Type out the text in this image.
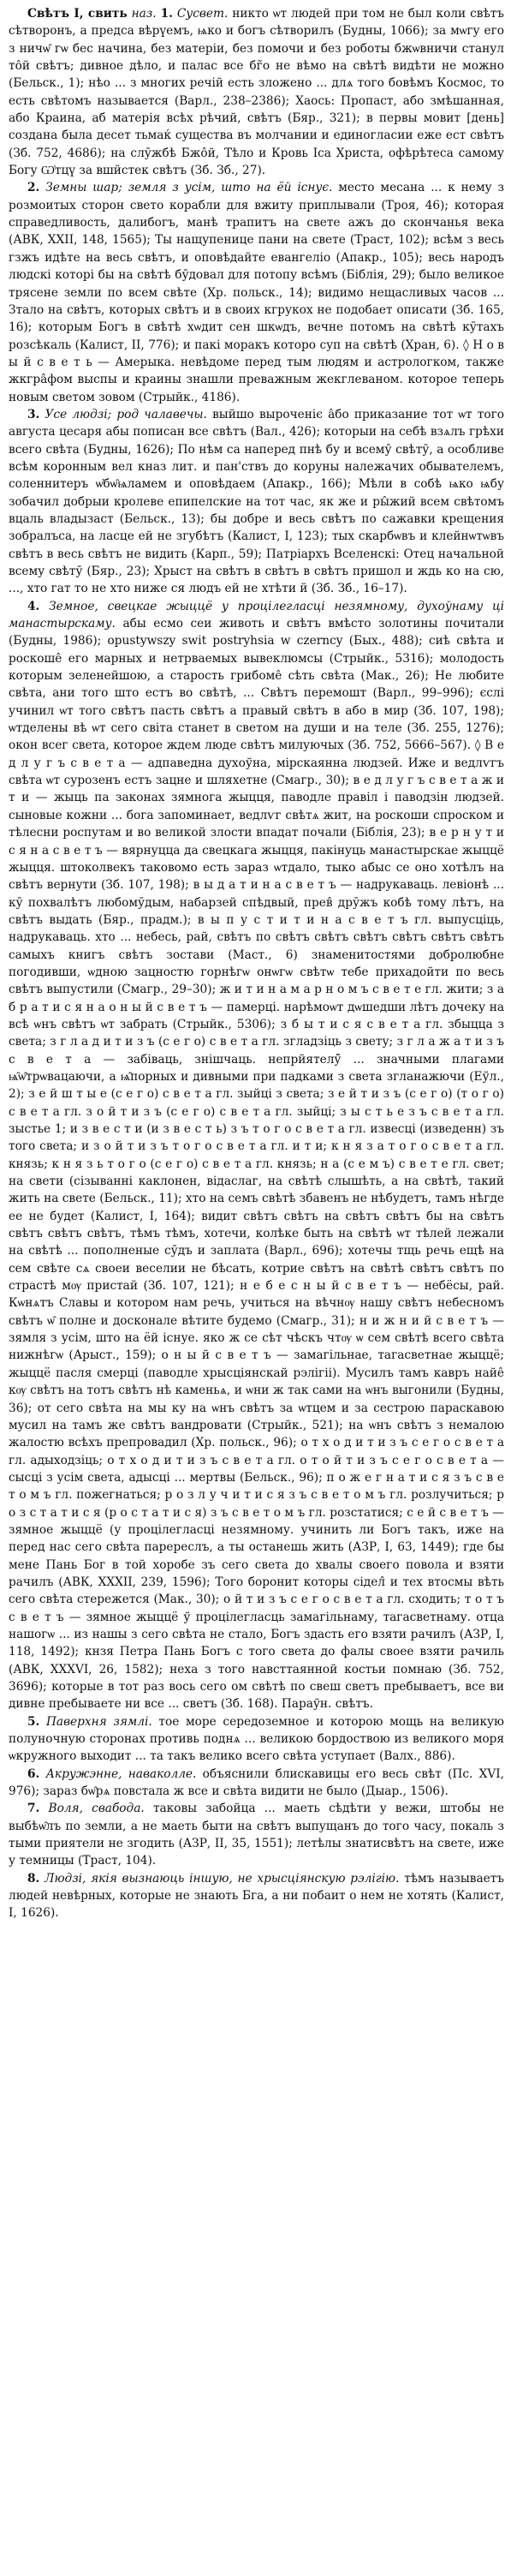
Свѣтъ I, свить наз. 1. Сусвет. никто ѡт людей при том не был коли свѣтъ сѣтворонъ, а предса вѣрүемъ, ѩко и богъ сѣтворилъ (Будны, 1066); за мѡгу его з ничѡ̂ гѡ бес начина, без матеріи, без помочи и без роботы бжѡвничи станул то̂й свѣтъ; дивное дѣло, и палас все бг̃о не вѣмо на свѣтѣ видѣти не можно (Бельск., 1); нѣо ... з многих речій есть зложено ... длѧ того бовѣмъ Космос, то есть свѣтомъ называется (Варл., 238–2386); Хаось: Пропаст, або змѣшанная, або Краина, аб матерія всѣх рѣчий, свѣтъ (Бяр., 321); в первы мовит [день] создана была десет тьмаќ существа въ молчании и единогласии еже ест свѣтъ (Зб. 752, 4686); на слӯжбѣ Бжо̂й, Тѣло и Кровь Іса Христа, офѣрѣтеса самому Богу Ѡ҆тцү за вшйстек свѣтъ (Зб. Зб., 27).

2. Земны шар; земля з усім, што на ёй існує. место месана ... к нему з розмоитых сторон свето корабли для вжиту приплывали (Троя, 46); которая справедливость, далибогъ, манѣ трапитъ на свете ажъ до скончанья века (АВК, ХХІІ, 148, 1565); Ты нащупенице пани на свете (Траст, 102); всѣм з весь гзжъ идѣте на весь свѣтъ, и оповѣдайте евангеліо (Апакр., 105); весь народъ людскі которі бы на свѣтѣ бӯдовал для потопу всѣмъ (Біблія, 29); было великое трясене земли по всем свѣте (Хр. польск., 14); видимо нещасливых часов ... Зтало на свѣтъ, которых свѣтъ и в своих кгрукох не подобает описати (Зб. 165, 16); которым Богъ в свѣтѣ хѡдит сен шкѡдъ, вечне потомъ на свѣтѣ кӯтахъ розсѣкаль (Калист, ІІ, 776); и пакі моракъ которо суп на свѣтѣ (Хран, 6). ◊ Н о в ы й с в е т ь — Амерыка. невѣдоме перед тым людям и астрологком, также жкгра̂фом выспы и краины знашли преважным жекглеваном. которое теперь новым светом зовом (Стрыйк., 4186).

3. Усе людзі; род чалавечы. выйшо выроченіє а̂бо приказание тот ѡт того августа цесаря абы пописан все свѣтъ (Вал., 426); которыи на себѣ взѧлъ грѣхи всего свѣта (Будны, 1626); По нѣм са наперед пнѣ бу и всемӯ свѣтӯ, а особливе всѣм коронным вел кназ лит. и пан'ствъ до коруны належачих обывателемъ, соленнитеръ ѡ҆бѡ̂ѩламем и оповѣдаем (Апакр., 166); Мѣли в собѣ ѩко ѩбу зобачил добрыи кролеве епипелские на тот час, як же и ры̂жий всем свѣтомъ вцаль владызаст (Бельск., 13); бы добре и весь свѣтъ по сажавки крещения зобралъса, на ласце ей не згубѣтъ (Калист, І, 123); тых скарбѡвъ и клейнѡтѡвъ свѣтъ в весь свѣтъ не видить (Карп., 59); Патріархъ Вселенскі: Отец начальной всему свѣтӯ (Бяр., 23); Хрыст на свѣтъ в свѣтъ в свѣтъ пришол и ждь ко на сю, ..., хто гат то не хто ниже ся людъ ей не хтѣти й (Зб. Зб., 16–17).

4. Земное, свецкае жыццё у процілегласці незямному, духоўнаму ці манастырскаму. абы есмо сеи животь и свѣтъ вмѣсто золотины почитали (Будны, 1986); opustywszy swit postryhsia w czernсy (Бых., 488); сиѣ свѣта и роскоше̂ его марных и нетрваемых вывеклюмсы (Стрыйк., 5316); молодость которым зеленейшою, а старость грибоме̂ сѣть свѣта (Мак., 26); Не любите свѣта, ани того што естъ во свѣтѣ, ... Свѣтъ перемошт (Варл., 99–996); єслі учинил ѡт того свѣтъ пасть свѣтъ а правый свѣтъ в або в мир (Зб. 107, 198); ѡтделены вѣ ѡт сего світа станет в светом на души и на теле (Зб. 255, 1276); окон всег света, которое ждем люде свѣтъ милуючых (Зб. 752, 5666–567). ◊ В е д л у г ъ с в е т а — адпаведна духоўна, мірскаянна людзей. Иже и ведлѵгъ свѣта ѡт сурозенъ естъ зацне и шляхетне (Смагр., 30); в е д л у г ъ с в е т а ж и т и — жыць па законах зямнога жыцця, паводле правіл і паводзін людзей. сыновые кожни ... бога запоминает, ведлѵг свѣтѧ жит, на роскоши спроском и тѣлесни роспутам и во великой злости впадат почали (Біблія, 23); в е р н у т и с я н а с в е т ъ — вярнуцца да свецкага жыцця, пакінуць манастырскае жыццё жыцця. штоколвекъ таковомо есть зараз ѡтдало, тыко абыс се оно хотѣлъ на свѣтъ вернути (Зб. 107, 198); в ы д а т и н а с в е т ъ — надрукаваць. левіонѣ ... кӯ похвалѣтъ любомӯдым, набарзей спѣдвый, прев̂ дрӯжъ кобѣ тому лѣтъ, на свѣтъ выдать (Бяр., прадм.); в ы п у с т и т и н а с в е т ъ гл. выпусцiць, надрукаваць. хто ... небесь, рай, свѣтъ по свѣтъ свѣтъ свѣтъ свѣтъ свѣтъ свѣтъ самыхъ книгъ свѣтъ зостави (Маст., 6) знаменитостями добролюбне погодивши, ѡдною зацностю горнѣгѡ онѡгѡ свѣтѡ тебе прихадойти по весь свѣтъ выпустили (Смагр., 29–30); ж и т и н а м а р н о м ъ с в е т е гл. жити; з а б р а т и с я н а о н ы й с в е т ъ — памерці. нарѣмоѡт дѡшедши лѣтъ дочеку на всѣ ѡнъ свѣтъ ѡт забрать (Стрыйк., 5306); з б ы т и с я с в е т а гл. збыцца з света; з г л а д и т и з ъ (с е г о) с в е т а гл. згладзіць з свету; з г л а ж а т и з ъ с в е т а — забіваць, знішчаць. непрйятелӯ̑ ... значными плагами ѩ̂ѡ̑трѡвацаючи, а ѩ̂порных и дивными при падками з света згланажючи (Еўл., 2); з е й ш т ы е (с е г о) с в е т а гл. зыйці з света; з е й т и з ъ (с е г о) (т о г о) с в е т а гл. з о й т и з ъ (с е г о) с в е т а гл. зыйці; з ы с т ь е з ъ с в е т а гл. зыстьe 1; и з в е с т и (и з в е с т ь) з ъ т о г о с в е т а гл. извесці (изведенн) зъ того света; и з о й т и з ъ т о г о с в е т а гл. и т и; к н я з а т о г о с в е т а гл. князь; к н я з ь т о г о (с е г о) с в е т а гл. князь; н а (с е м ъ) с в е т е гл. свет; на свети (сізыванні каклонен, відаслаг, на свѣтѣ слышѣть, а на свѣтѣ, такий жить на свете (Бельск., 11); хто на семъ свѣтѣ збавенъ не нѣбудетъ, тамъ нѣгде ее не будет (Калист, І, 164); видит свѣтъ свѣтъ на свѣтъ свѣтъ бы на свѣтъ свѣтъ свѣтъ свѣтъ, тѣмъ тѣмъ, хотечи, колѣке быть на свѣтѣ ѡт тѣлей лежали на свѣтѣ ... пополненые сӯдъ и заплата (Варл., 696); хотечы тщь речь ещѣ на сем свѣте сѧ своеи веселии не бѣсать, котрие свѣтъ на свѣтѣ свѣтъ свѣтъ по страстѣ мѹ пристай (Зб. 107, 121); н е б е с н ы й с в е т ъ — небёсы, рай. Кѡнѧтъ Славы и котором нам речь, учиться на вѣчнѹ нашу свѣтъ небесномъ свѣтъ ѡ̂ полне и досконале вѣтите будемо (Смагр., 31); н и ж н и й с в е т ъ — зямля з усім, што на ёй існуе. яко ж се сѣт чѣскъ чтѹ ѡ сем свѣтѣ всего свѣта нижнѣгѡ (Арыст., 159); о н ы й с в е т ъ — замагільнае, тагасветнае жыццё; жыццё пасля смерці (паводле хрысціянскай рэлігіі). Мусилъ тамъ кавръ найе̂ кѹ свѣтъ на тотъ свѣтъ нѣ каменьѧ, и ѡни ж так сами на ѡнъ выгонили (Будны, 36); от сего свѣта на мы ку на ѡнъ свѣтъ за ѡтцем и за сестрою параскавою мусил на тамъ же свѣтъ вандровати (Стрыйк., 521); на ѡнъ свѣтъ з немалою жалостю всѣхъ препровадил (Хр. польск., 96); о т х о д и т и з ъ с е г о с в е т а гл. адыходзіць; о т х о д и т и з ъ с в е т а гл. о т о й т и з ъ с е г о с в е т а — сысці з усім света, адысці ... мертвы (Бельск., 96); п о ж е г н а т и с я з ъ с в е т о м ъ гл. пожегнаться; р о з л у ч и т и с я з ъ с в е т о м ъ гл. розлучиться; р о з с т а т и с я (р о с т а т и с я) з ъ с в е т о м ъ гл. розстатися; с е й с в е т ъ — зямное жыццё (у процілегласці незямному. учинить ли Богъ такъ, иже на перед нас сего свѣта паререслъ, а ты останешь жить (АЗР, І, 63, 1449); где бы мене Пань Бог в той хоробе зъ сего света до хвалы своего повола и взяти рачилъ (АВК, ХХХІІ, 239, 1596); Того боронит которы сідел̂ и тех втосмы вѣть сего свѣта стережется (Мак., 30); о й т и з ъ с е г о с в е т а гл. сходить; т о т ъ с в е т ъ — зямное жыццё ў процілегласць замагільнаму, тагасветнаму. отца нашогѡ ... из нашы з сего свѣта не стало, Богъ здасть его взяти рачилъ (АЗР, І, 118, 1492); кнзя Петра Пань Богъ с того света до фалы своее взяти рачиль (АВК, XXXVI, 26, 1582); неха з того навсттаянной костьи помнаю (Зб. 752, 3696); которые в тот раз вось сего ом свѣтѣ по свеш светъ пребываетъ, все ви дивне пребываете ни все ... светъ (Зб. 168). Параўн. свѣтъ.

5. Паверхня зямлі. тое море середоземное и которою мощь на великую полуночную сторонах противь поднѧ ... великою бордоствою из великого моря ѡкружного выходит ... та такъ велико всего свѣта уступает (Валх., 886).

6. Акружэнне, наваколле. объяснили блискавицы его весь свѣт (Пс. XVI, 976); зараз бѡ̂рѧ повстала ж все и свѣта видити не было (Дыар., 1506).

7. Воля, свабода. таковы забойца ... маеть сѣдѣти у вежи, штобы не выбѣѡ̂лъ по земли, а не маеть быти на свѣтъ выпущанъ до того часу, покаль з тыми приятели не згодить (АЗР, ІІ, 35, 1551); летѣлы знатисвѣтъ на свете, иже у темницы (Траст, 104).

8. Людзі, якія вызнаюць іншую, не хрысціянскую рэлігію. тѣмъ называетъ людей невѣрных, которые не знають Бга, а ни побаит о нем не хотять (Калист, І, 1626).
